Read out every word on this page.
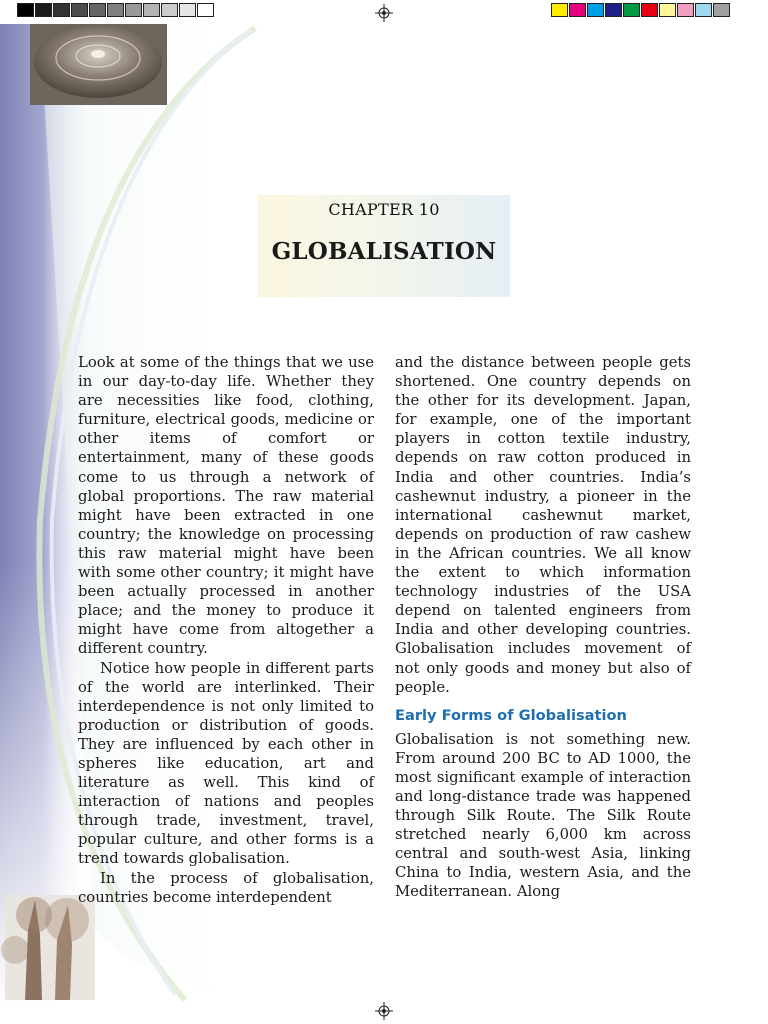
CHAPTER 10
GLOBALISATION

Look at some of the things that we use in our day-to-day life. Whether they are necessities like food, clothing, furniture, electrical goods, medicine or other items of comfort or entertainment, many of these goods come to us through a network of global proportions. The raw material might have been extracted in one country; the knowledge on processing this raw material might have been with some other country; it might have been actually processed in another place; and the money to produce it might have come from altogether a different country.

Notice how people in different parts of the world are interlinked. Their interdependence is not only limited to production or distribution of goods. They are influenced by each other in spheres like education, art and literature as well. This kind of interaction of nations and peoples through trade, investment, travel, popular culture, and other forms is a trend towards globalisation.

In the process of globalisation, countries become interdependent

and the distance between people gets shortened. One country depends on the other for its development. Japan, for example, one of the important players in cotton textile industry, depends on raw cotton produced in India and other countries. India’s cashewnut industry, a pioneer in the international cashewnut market, depends on production of raw cashew in the African countries. We all know the extent to which information technology industries of the USA depend on talented engineers from India and other developing countries. Globalisation includes movement of not only goods and money but also of people.

Early Forms of Globalisation

Globalisation is not something new. From around 200 BC to AD 1000, the most significant example of interaction and long-distance trade was happened through Silk Route. The Silk Route stretched nearly 6,000 km across central and south-west Asia, linking China to India, western Asia, and the Mediterranean. Along
